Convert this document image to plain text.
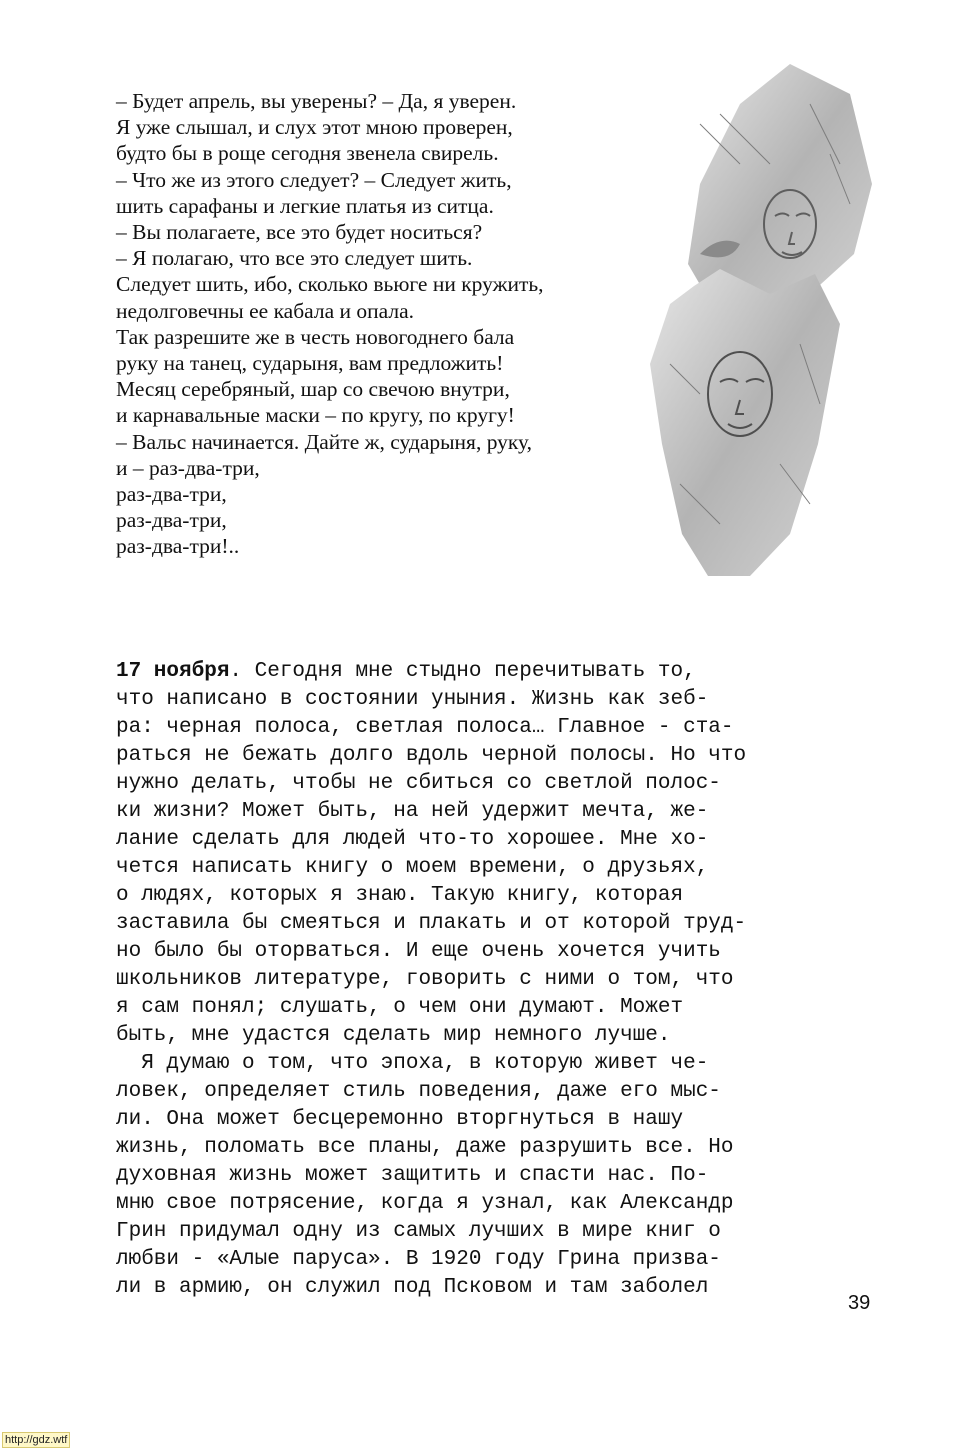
– Будет апрель, вы уверены? – Да, я уверен.
Я уже слышал, и слух этот мною проверен,
будто бы в роще сегодня звенела свирель.
– Что же из этого следует? – Следует жить,
шить сарафаны и легкие платья из ситца.
– Вы полагаете, все это будет носиться?
– Я полагаю, что все это следует шить.
Следует шить, ибо, сколько вьюге ни кружить,
недолговечны ее кабала и опала.
Так разрешите же в честь новогоднего бала
руку на танец, сударыня, вам предложить!
Месяц серебряный, шар со свечою внутри,
и карнавальные маски – по кругу, по кругу!
– Вальс начинается. Дайте ж, сударыня, руку,
и – раз-два-три,
раз-два-три,
раз-два-три,
раз-два-три!..
17 ноября. Сегодня мне стыдно перечитывать то,
что написано в состоянии уныния. Жизнь как зеб-
ра: черная полоса, светлая полоса… Главное - ста-
раться не бежать долго вдоль черной полосы. Но что
нужно делать, чтобы не сбиться со светлой полос-
ки жизни? Может быть, на ней удержит мечта, же-
лание сделать для людей что-то хорошее. Мне хо-
чется написать книгу о моем времени, о друзьях,
о людях, которых я знаю. Такую книгу, которая
заставила бы смеяться и плакать и от которой труд-
но было бы оторваться. И еще очень хочется учить
школьников литературе, говорить с ними о том, что
я сам понял; слушать, о чем они думают. Может
быть, мне удастся сделать мир немного лучше.
Я думаю о том, что эпоха, в которую живет че-
ловек, определяет стиль поведения, даже его мыс-
ли. Она может бесцеремонно вторгнуться в нашу
жизнь, поломать все планы, даже разрушить все. Но
духовная жизнь может защитить и спасти нас. По-
мню свое потрясение, когда я узнал, как Александр
Грин придумал одну из самых лучших в мире книг о
любви - «Алые паруса». В 1920 году Грина призва-
ли в армию, он служил под Псковом и там заболел
39
http://gdz.wtf
